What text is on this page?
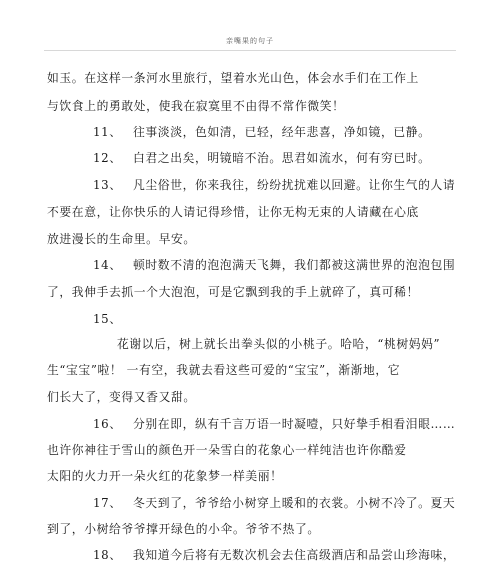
亲嘴果的句子
如玉。在这样一条河水里旅行，望着水光山色，体会水手们在工作上
与饮食上的勇敢处，使我在寂寞里不由得不常作微笑！
11、 往事淡淡，色如清，已轻，经年悲喜，净如镜，已静。
12、 白君之出矣，明镜暗不治。思君如流水，何有穷已时。
13、 凡尘俗世，你来我往，纷纷扰扰难以回避。让你生气的人请
不要在意，让你快乐的人请记得珍惜，让你无构无束的人请藏在心底
放进漫长的生命里。早安。
14、 顿时数不清的泡泡满天飞舞，我们都被这满世界的泡泡包围
了，我伸手去抓一个大泡泡，可是它飘到我的手上就碎了，真可稀！
15、
花谢以后，树上就长出拳头似的小桃子。哈哈，“桃树妈妈”
生“宝宝”啦！ 一有空，我就去看这些可爱的“宝宝”，渐渐地，它
们长大了，变得又香又甜。
16、 分别在即，纵有千言万语一时凝噎，只好挚手相看泪眼……
也许你神往于雪山的颜色开一朵雪白的花象心一样纯洁也许你酷爱
太阳的火力开一朵火红的花象梦一样美丽！
17、 冬天到了，爷爷给小树穿上暖和的衣裳。小树不冷了。夏天
到了，小树给爷爷撑开绿色的小伞。爷爷不热了。
18、 我知道今后将有无数次机会去住高级酒店和品尝山珍海味，
